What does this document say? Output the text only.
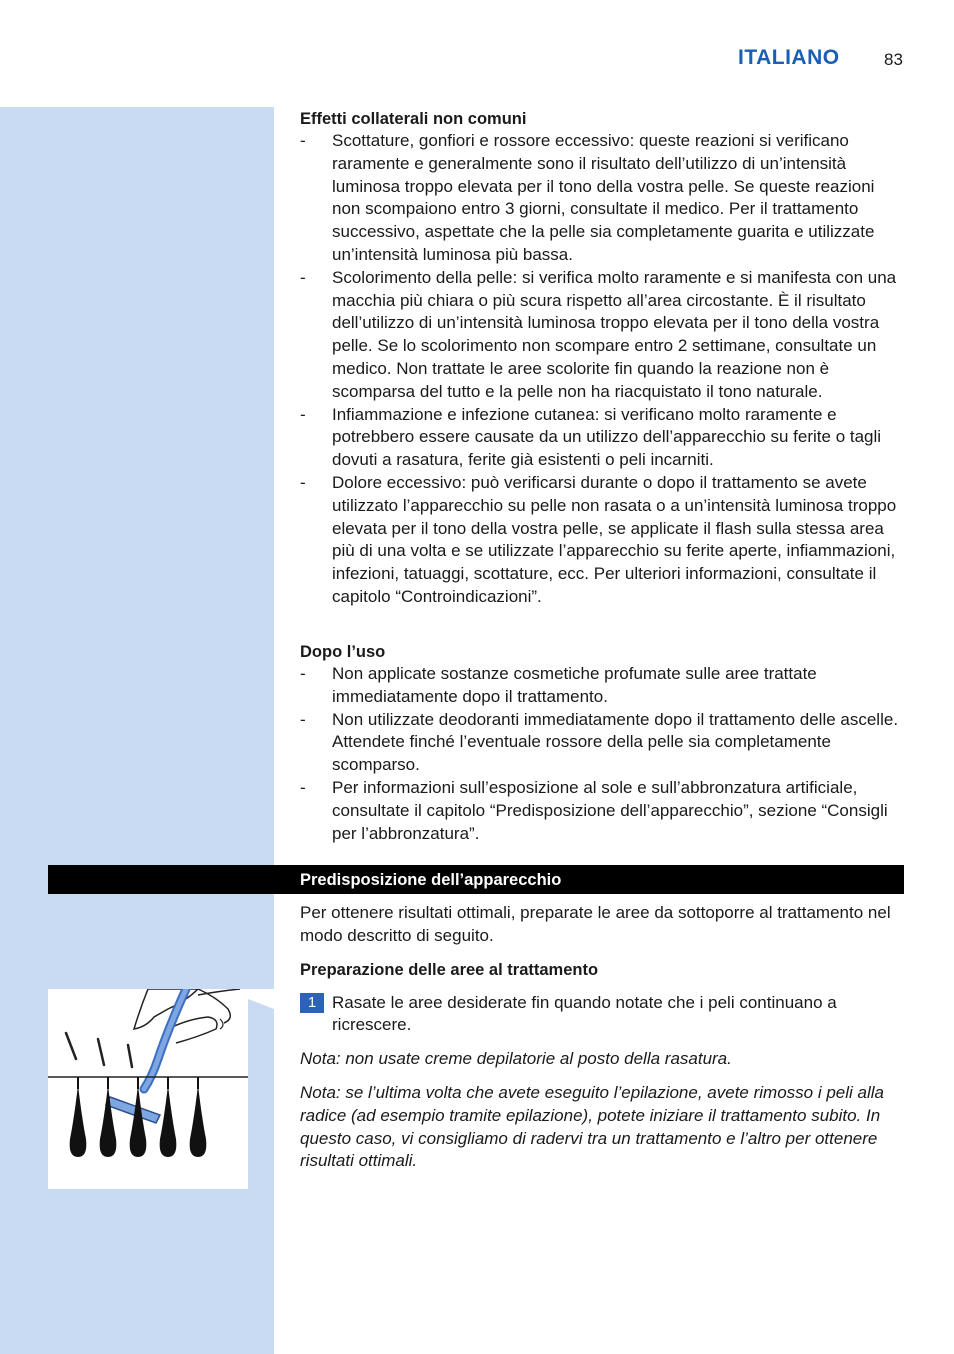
ITALIANO	83

Effetti collaterali non comuni

- Scottature, gonfiori e rossore eccessivo: queste reazioni si verificano raramente e generalmente sono il risultato dell’utilizzo di un’intensità luminosa troppo elevata per il tono della vostra pelle. Se queste reazioni non scompaiono entro 3 giorni, consultate il medico. Per il trattamento successivo, aspettate che la pelle sia completamente guarita e utilizzate un’intensità luminosa più bassa.
- Scolorimento della pelle: si verifica molto raramente e si manifesta con una macchia più chiara o più scura rispetto all’area circostante. È il risultato dell’utilizzo di un’intensità luminosa troppo elevata per il tono della vostra pelle. Se lo scolorimento non scompare entro 2 settimane, consultate un medico. Non trattate le aree scolorite fin quando la reazione non è scomparsa del tutto e la pelle non ha riacquistato il tono naturale.
- Infiammazione e infezione cutanea: si verificano molto raramente e potrebbero essere causate da un utilizzo dell’apparecchio su ferite o tagli dovuti a rasatura, ferite già esistenti o peli incarniti.
- Dolore eccessivo: può verificarsi durante o dopo il trattamento se avete utilizzato l’apparecchio su pelle non rasata o a un’intensità luminosa troppo elevata per il tono della vostra pelle, se applicate il flash sulla stessa area più di una volta e se utilizzate l’apparecchio su ferite aperte, infiammazioni, infezioni, tatuaggi, scottature, ecc. Per ulteriori informazioni, consultate il capitolo “Controindicazioni”.

Dopo l’uso

- Non applicate sostanze cosmetiche profumate sulle aree trattate immediatamente dopo il trattamento.
- Non utilizzate deodoranti immediatamente dopo il trattamento delle ascelle. Attendete finché l’eventuale rossore della pelle sia completamente scomparso.
- Per informazioni sull’esposizione al sole e sull’abbronzatura artificiale, consultate il capitolo “Predisposizione dell’apparecchio”, sezione “Consigli per l’abbronzatura”.
Predisposizione dell’apparecchio

Per ottenere risultati ottimali, preparate le aree da sottoporre al trattamento nel modo descritto di seguito.

Preparazione delle aree al trattamento

1 Rasate le aree desiderate fin quando notate che i peli continuano a ricrescere.

Nota: non usate creme depilatorie al posto della rasatura.

Nota: se l’ultima volta che avete eseguito l’epilazione, avete rimosso i peli alla radice (ad esempio tramite epilazione), potete iniziare il trattamento subito. In questo caso, vi consigliamo di radervi tra un trattamento e l’altro per ottenere risultati ottimali.
